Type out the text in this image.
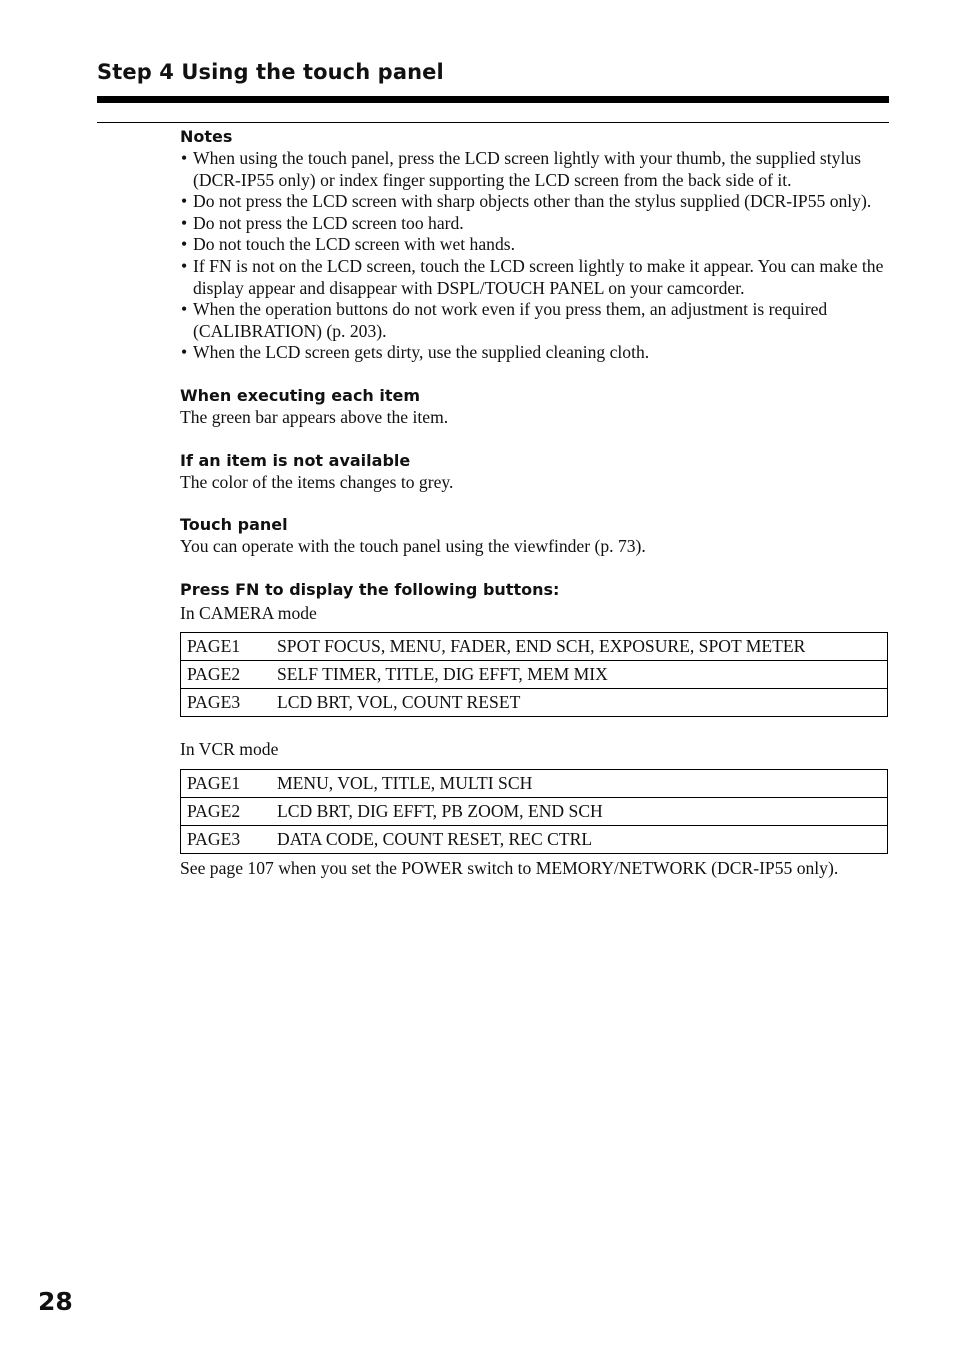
Step 4 Using the touch panel

Notes

• When using the touch panel, press the LCD screen lightly with your thumb, the supplied stylus (DCR-IP55 only) or index finger supporting the LCD screen from the back side of it.
• Do not press the LCD screen with sharp objects other than the stylus supplied (DCR-IP55 only).
• Do not press the LCD screen too hard.
• Do not touch the LCD screen with wet hands.
• If FN is not on the LCD screen, touch the LCD screen lightly to make it appear. You can make the display appear and disappear with DSPL/TOUCH PANEL on your camcorder.
• When the operation buttons do not work even if you press them, an adjustment is required (CALIBRATION) (p. 203).
• When the LCD screen gets dirty, use the supplied cleaning cloth.

When executing each item

The green bar appears above the item.

If an item is not available

The color of the items changes to grey.

Touch panel

You can operate with the touch panel using the viewfinder (p. 73).

Press FN to display the following buttons:

In CAMERA mode

PAGE1	SPOT FOCUS, MENU, FADER, END SCH, EXPOSURE, SPOT METER
PAGE2	SELF TIMER, TITLE, DIG EFFT, MEM MIX
PAGE3	LCD BRT, VOL, COUNT RESET

In VCR mode

PAGE1	MENU, VOL, TITLE, MULTI SCH
PAGE2	LCD BRT, DIG EFFT, PB ZOOM, END SCH
PAGE3	DATA CODE, COUNT RESET, REC CTRL

See page 107 when you set the POWER switch to MEMORY/NETWORK (DCR-IP55 only).

28
